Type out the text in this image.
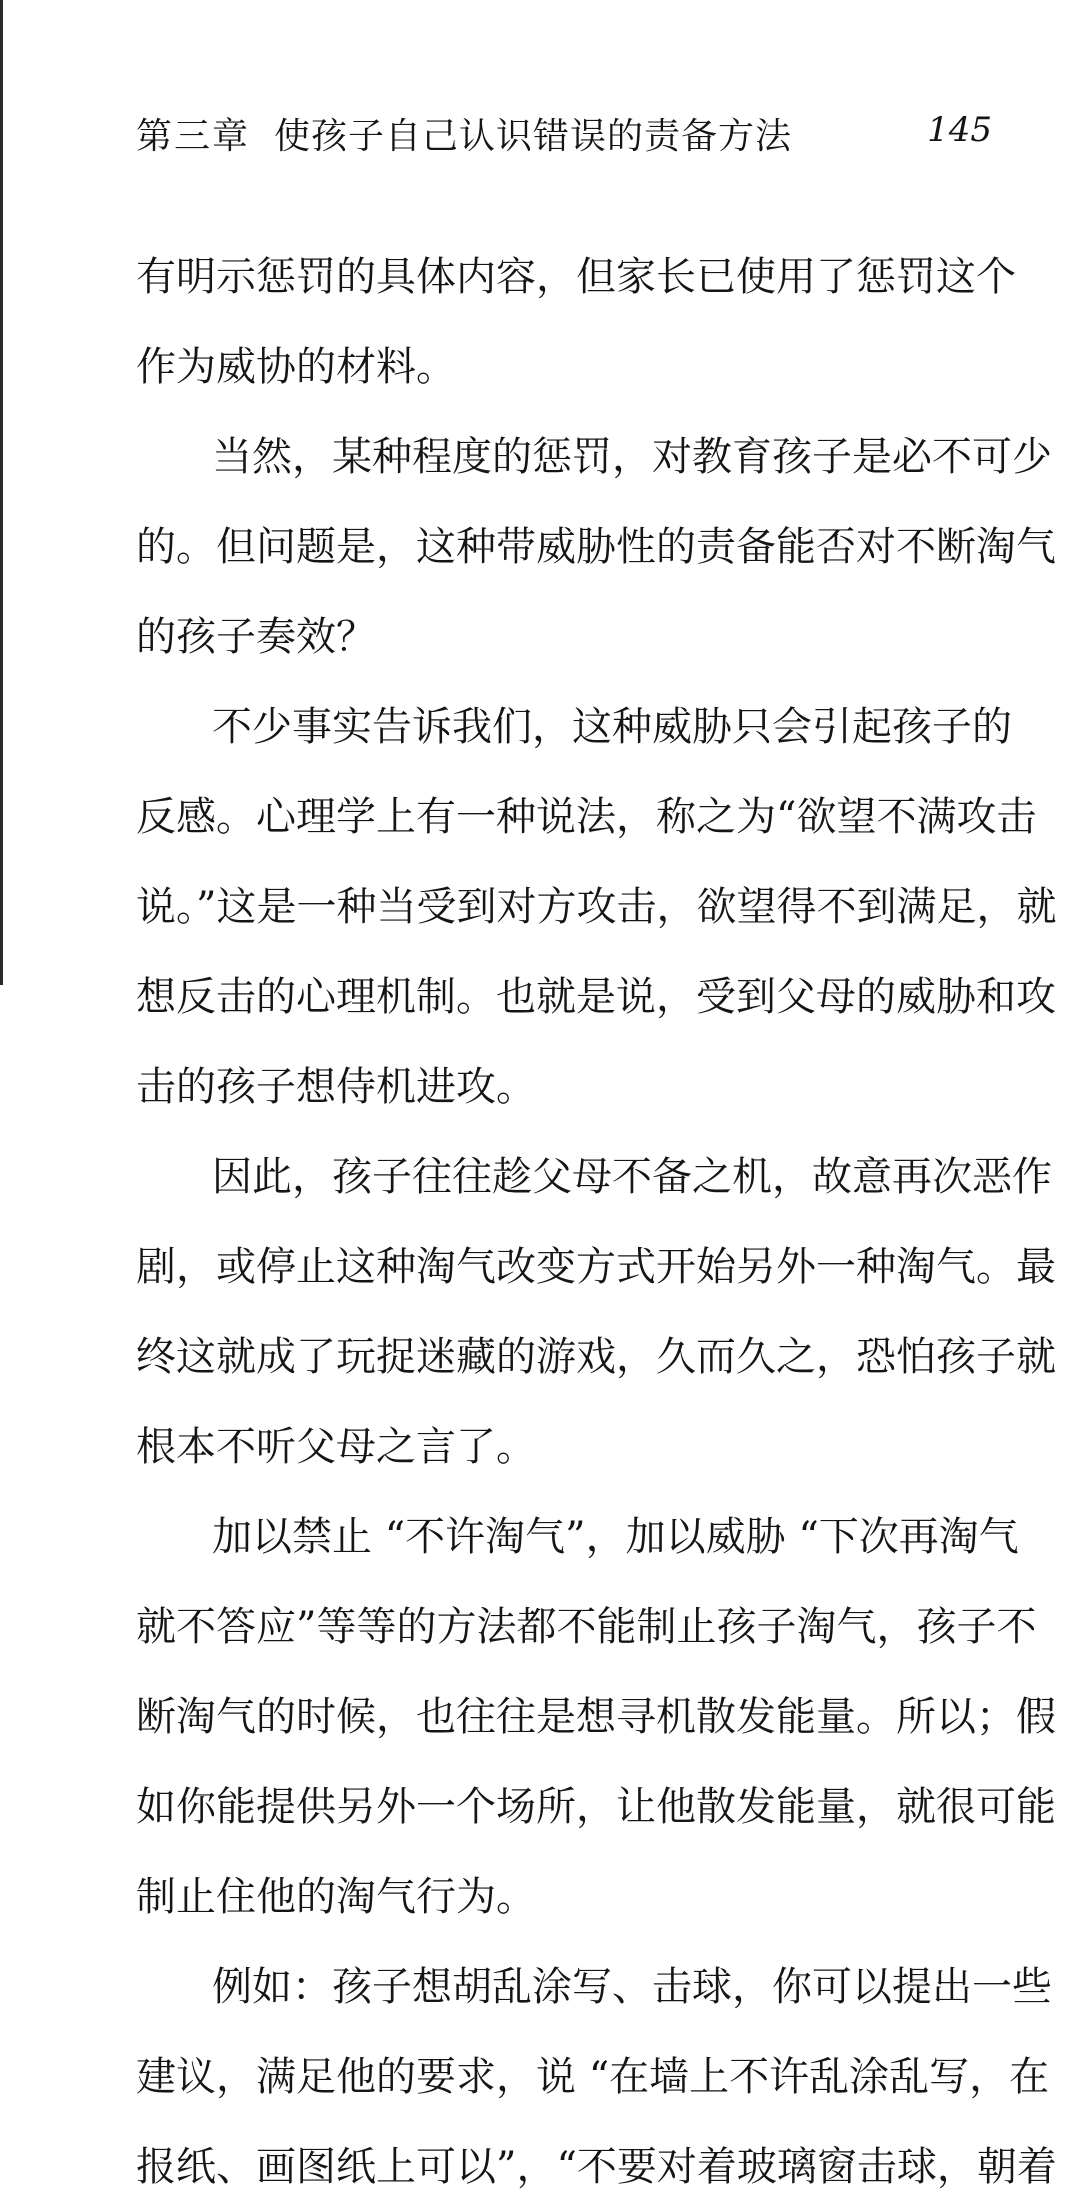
第三章 使孩子自己认识错误的责备方法	145
有明示惩罚的具体内容，但家长已使用了惩罚这个
作为威协的材料。
当然，某种程度的惩罚，对教育孩子是必不可少
的。但问题是，这种带威胁性的责备能否对不断淘气
的孩子奏效？
不少事实告诉我们，这种威胁只会引起孩子的
反感。心理学上有一种说法，称之为“欲望不满攻击
说。”这是一种当受到对方攻击，欲望得不到满足，就
想反击的心理机制。也就是说，受到父母的威胁和攻
击的孩子想侍机进攻。
因此，孩子往往趁父母不备之机，故意再次恶作
剧，或停止这种淘气改变方式开始另外一种淘气。最
终这就成了玩捉迷藏的游戏，久而久之，恐怕孩子就
根本不听父母之言了。
加以禁止 “不许淘气”，加以威胁 “下次再淘气
就不答应”等等的方法都不能制止孩子淘气，孩子不
断淘气的时候，也往往是想寻机散发能量。所以；假
如你能提供另外一个场所，让他散发能量，就很可能
制止住他的淘气行为。
例如：孩子想胡乱涂写、击球，你可以提出一些
建议，满足他的要求，说 “在墙上不许乱涂乱写，在
报纸、画图纸上可以”，“不要对着玻璃窗击球，朝着
